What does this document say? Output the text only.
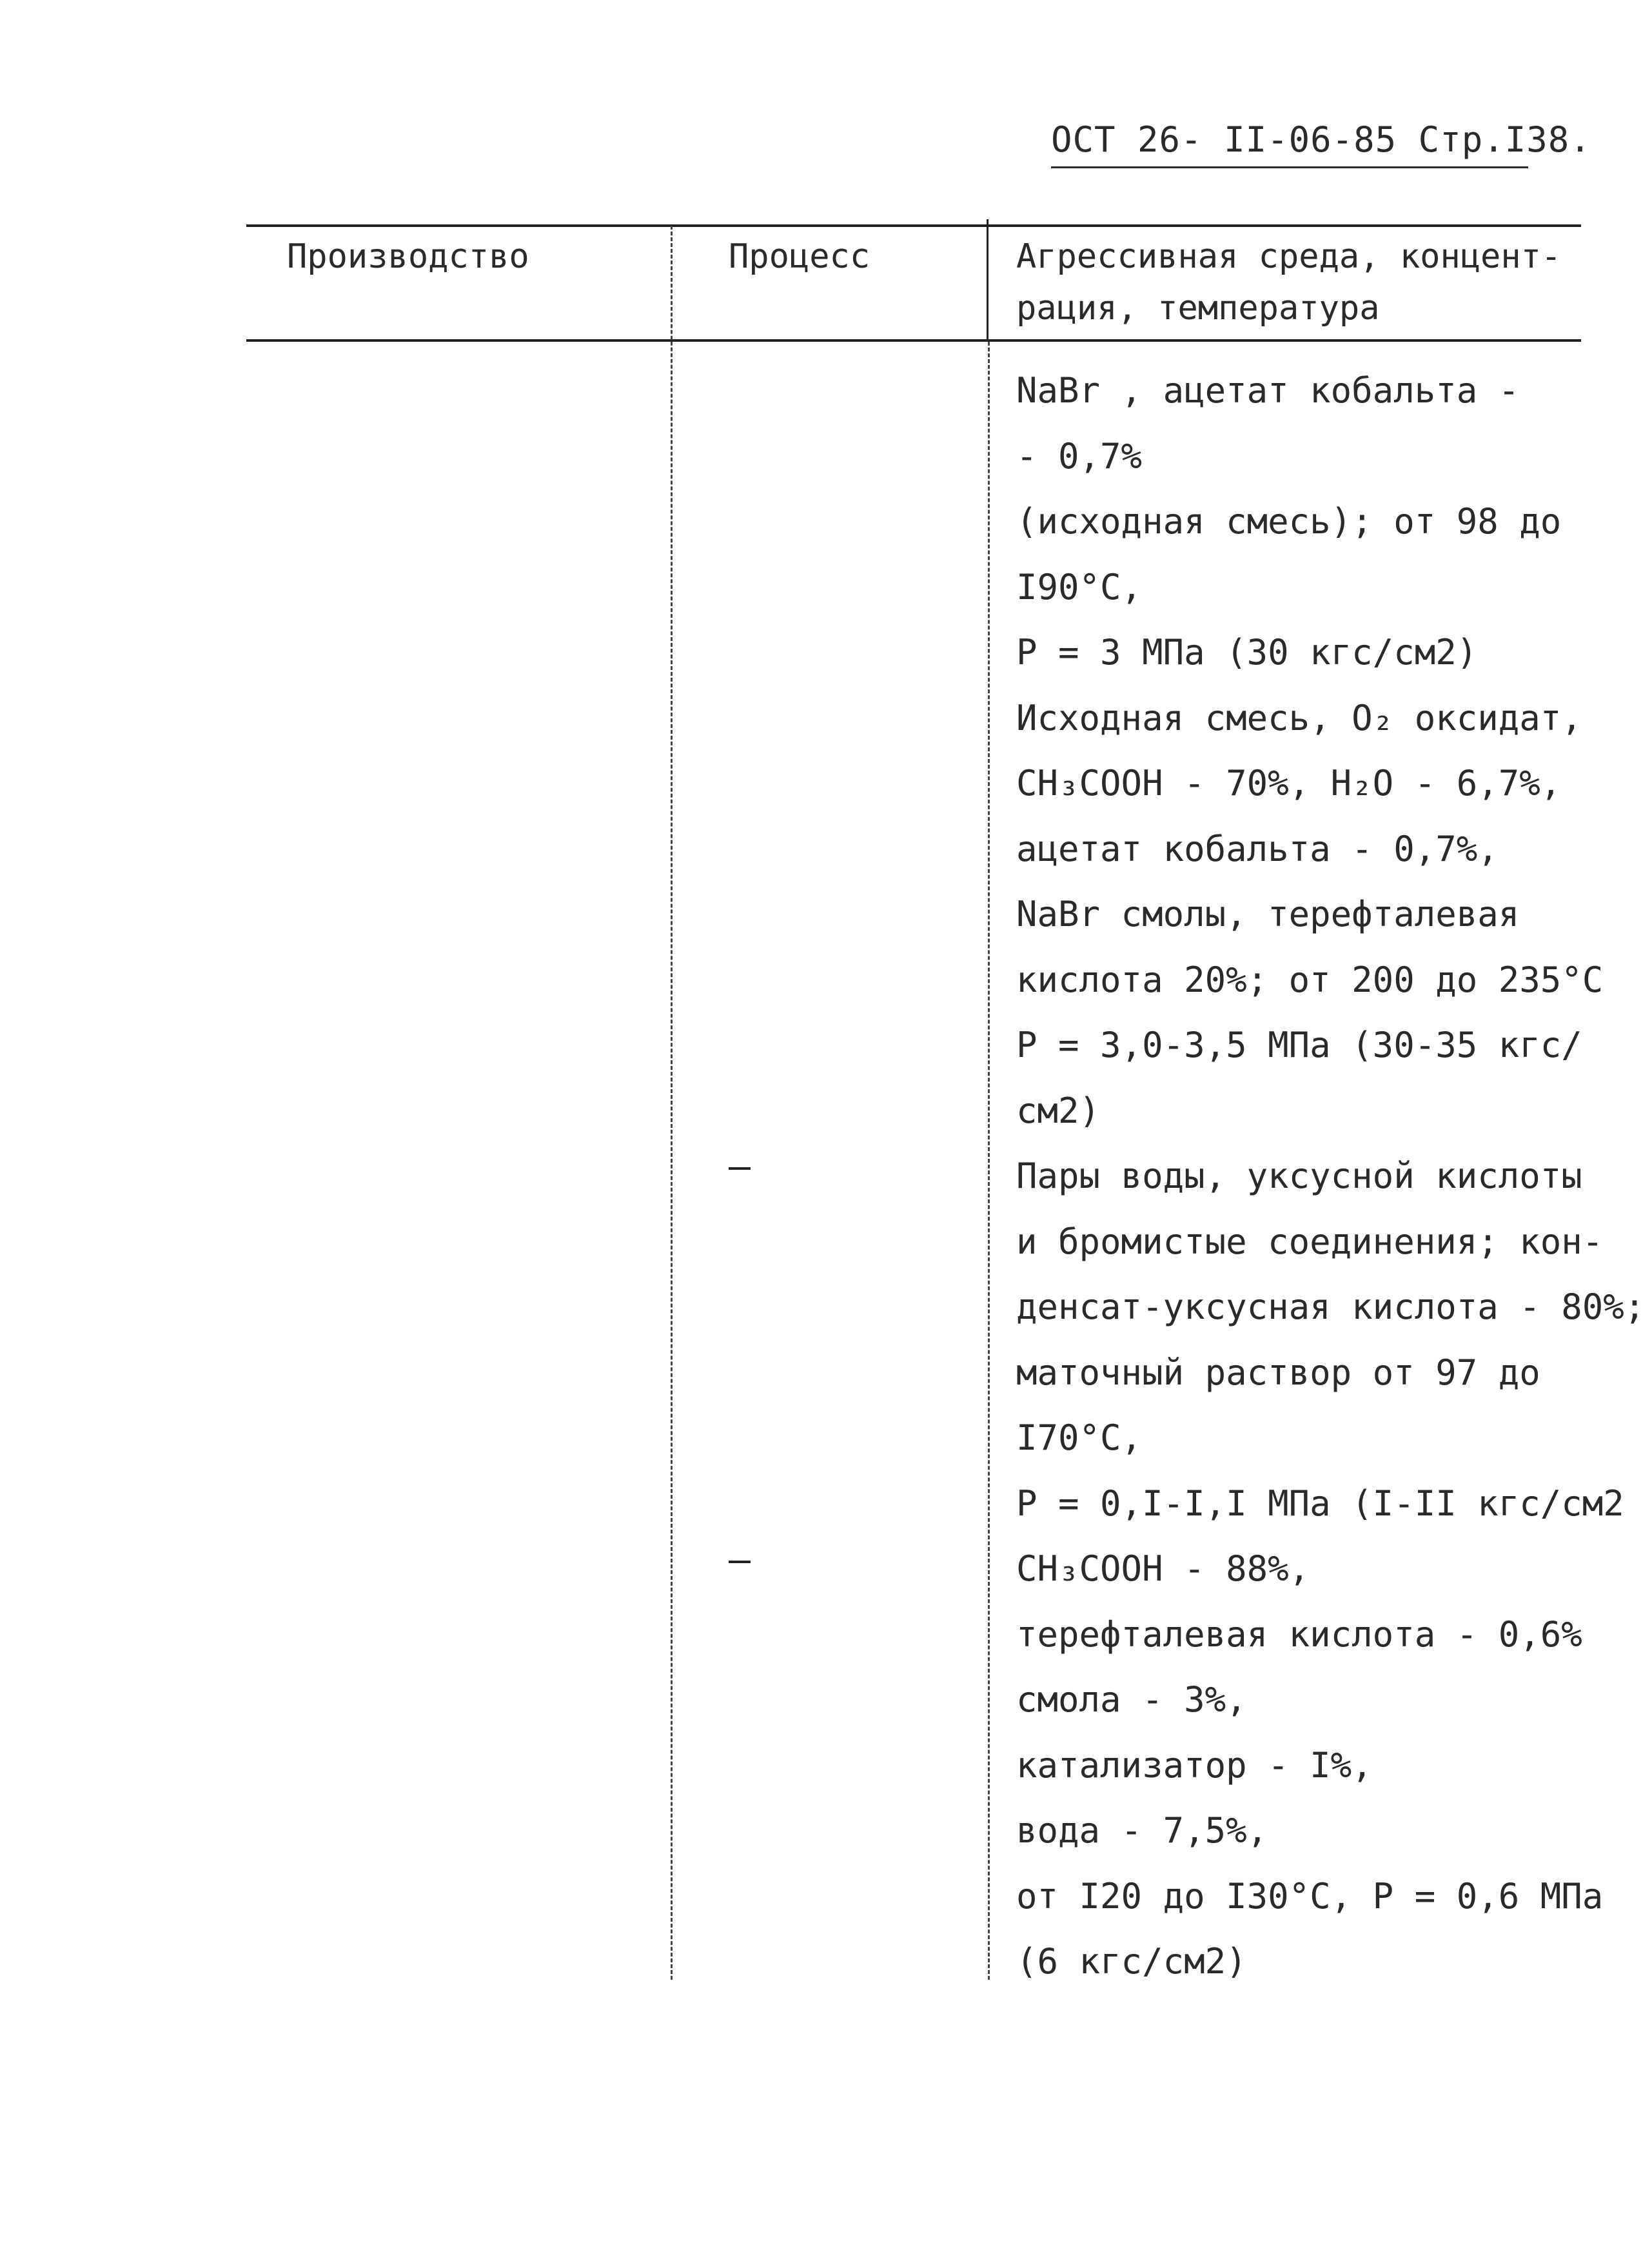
ОСТ 26- II-06-85 Стр.I38.
Производство	Процесс	Агрессивная среда, концент-
рация, температура
NaBr , ацетат кобальта -
- 0,7%
(исходная смесь); от 98 до
I90°C,
P = 3 МПа (30 кгс/см2)
Исходная смесь, O₂ оксидат,
CH₃COOH - 70%, H₂O - 6,7%,
ацетат кобальта - 0,7%,
NaBr смолы, терефталевая
кислота 20%; от 200 до 235°C
P = 3,0-3,5 МПа (30-35 кгс/
см2)
Пары воды, уксусной кислоты
и бромистые соединения; кон-
денсат-уксусная кислота - 80%;
маточный раствор от 97 до
I70°C,
P = 0,I-I,I МПа (I-II кгс/см2
CH₃COOH - 88%,
терефталевая кислота - 0,6%
смола - 3%,
катализатор - I%,
вода - 7,5%,
от I20 до I30°C, P = 0,6 МПа
(6 кгс/см2)
